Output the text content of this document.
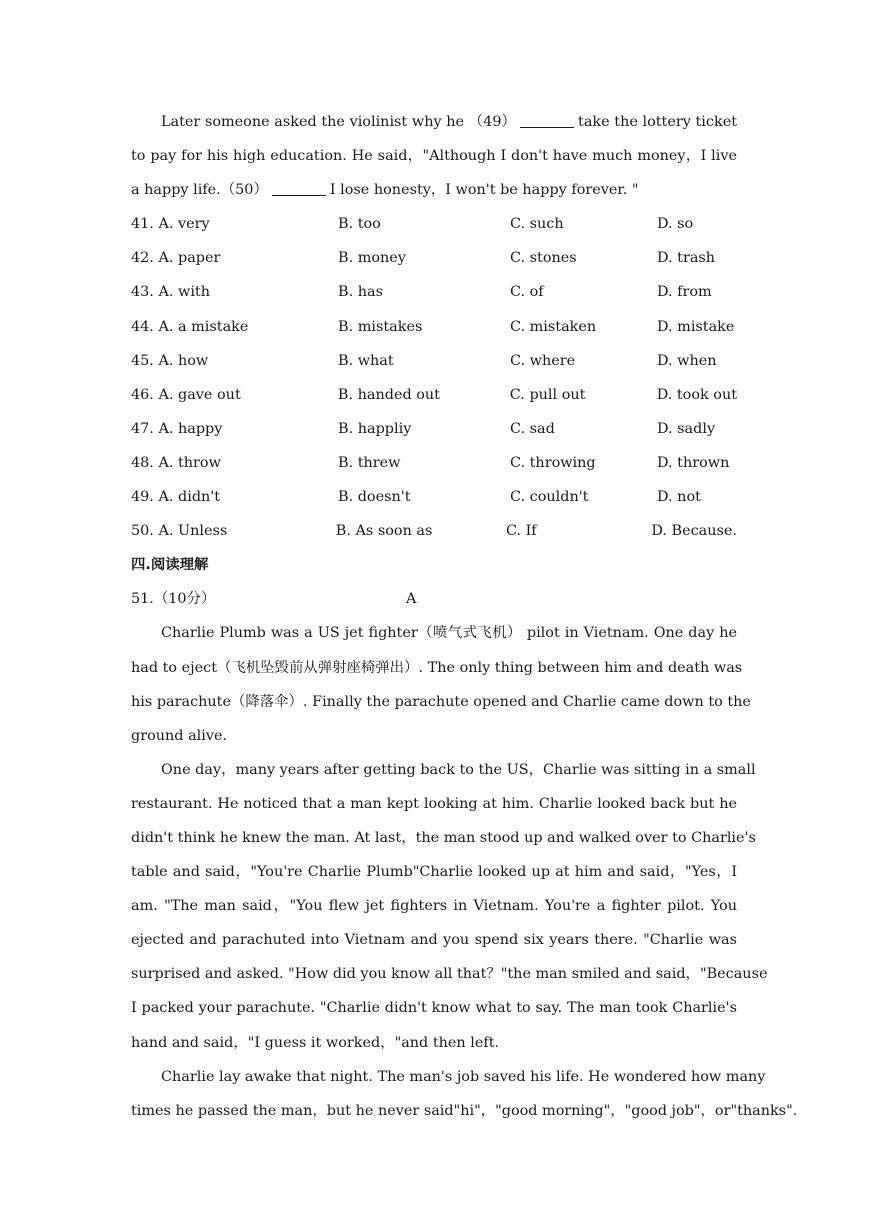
Later someone asked the violinist why he （49）	take the lottery ticket
to pay for his high education. He said，"Although I don't have much money，I live
a happy life.（50）	I lose honesty，I won't be happy forever. "
41. A. very	B. too	C. such	D. so
42. A. paper	B. money	C. stones	D. trash
43. A. with	B. has	C. of	D. from
44. A. a mistake	B. mistakes	C. mistaken	D. mistake
45. A. how	B. what	C. where	D. when
46. A. gave out	B. handed out	C. pull out	D. took out
47. A. happy	B. happliy	C. sad	D. sadly
48. A. throw	B. threw	C. throwing	D. thrown
49. A. didn't	B. doesn't	C. couldn't	D. not
50. A. Unless	B. As soon as	C. If	D. Because.
四.阅读理解
51.（10分）	A
Charlie Plumb was a US jet fighter（喷气式飞机） pilot in Vietnam. One day he
had to eject（飞机坠毁前从弹射座椅弹出）. The only thing between him and death was
his parachute（降落伞）. Finally the parachute opened and Charlie came down to the
ground alive.
One day，many years after getting back to the US，Charlie was sitting in a small
restaurant. He noticed that a man kept looking at him. Charlie looked back but he
didn't think he knew the man. At last，the man stood up and walked over to Charlie's
table and said，"You're Charlie Plumb"Charlie looked up at him and said，"Yes，I
am. "The man said，"You flew jet fighters in Vietnam. You're a fighter pilot. You
ejected and parachuted into Vietnam and you spend six years there. "Charlie was
surprised and asked. "How did you know all that？"the man smiled and said，"Because
I packed your parachute. "Charlie didn't know what to say. The man took Charlie's
hand and said，"I guess it worked，"and then left.
Charlie lay awake that night. The man's job saved his life. He wondered how many
times he passed the man，but he never said"hi"，"good morning"，"good job"，or"thanks".
